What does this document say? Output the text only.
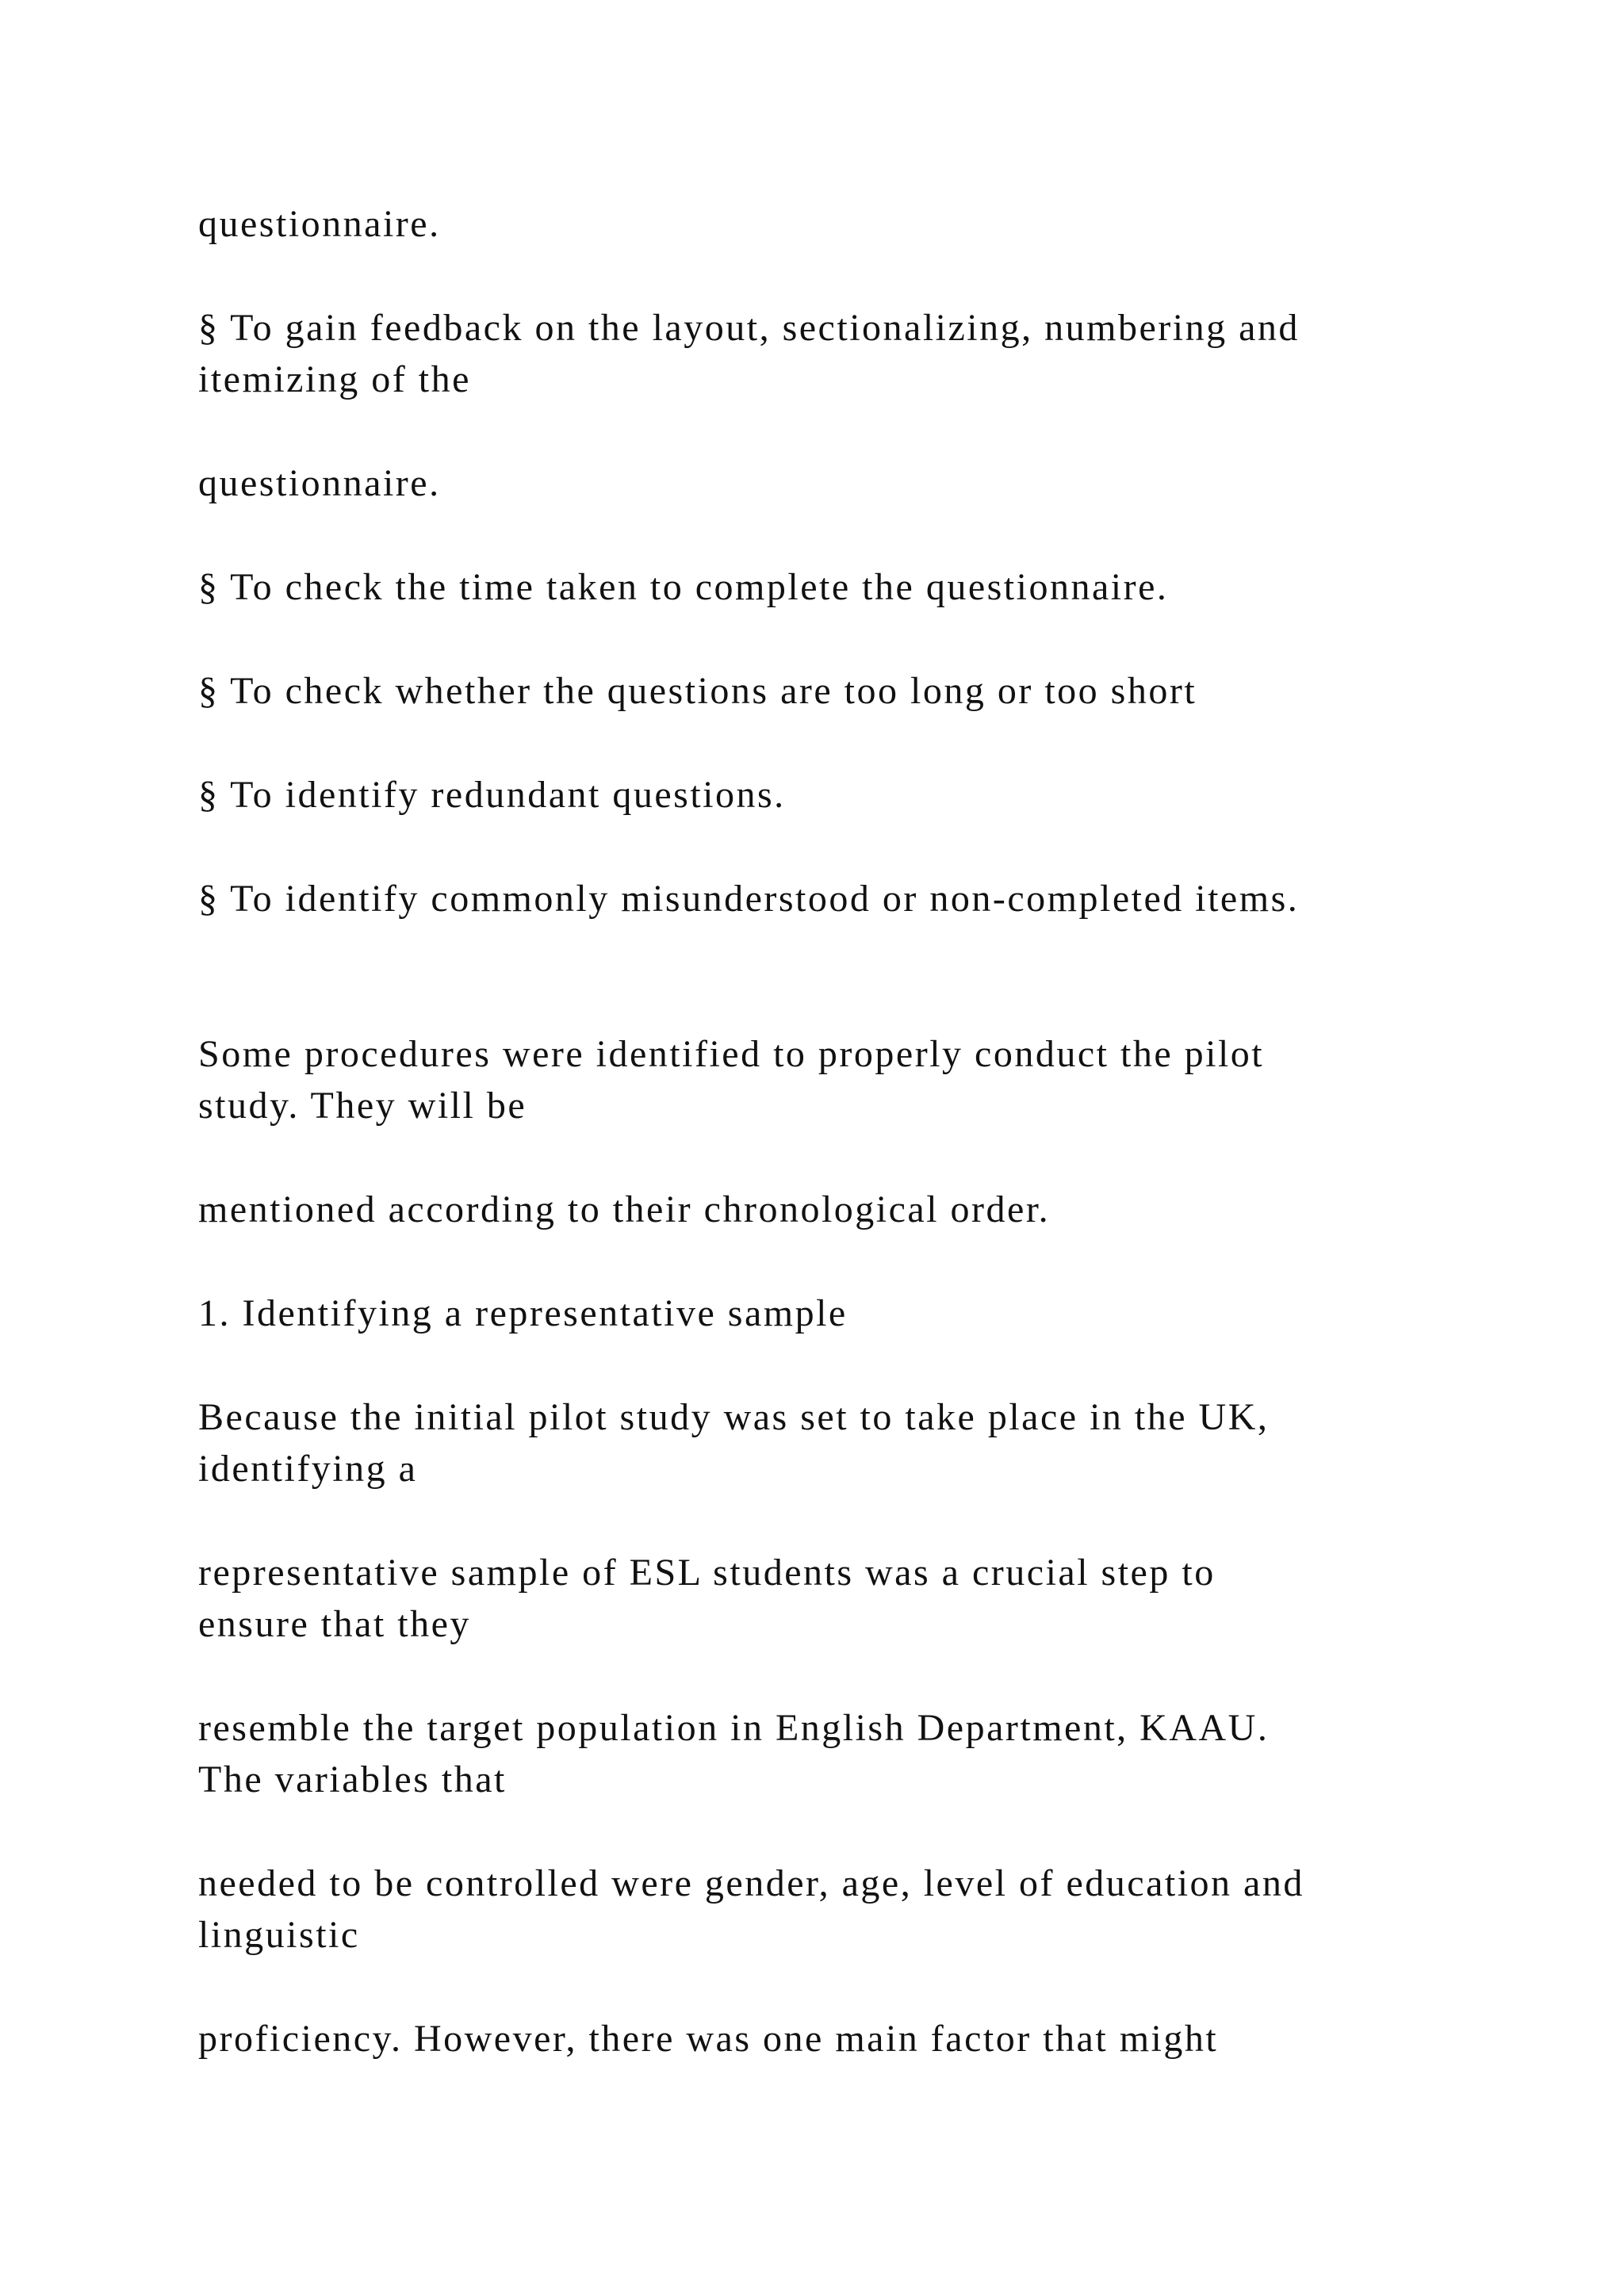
questionnaire.

§ To gain feedback on the layout, sectionalizing, numbering and

itemizing of the

questionnaire.

§ To check the time taken to complete the questionnaire.

§ To check whether the questions are too long or too short

§ To identify redundant questions.

§ To identify commonly misunderstood or non-completed items.

Some procedures were identified to properly conduct the pilot

study. They will be

mentioned according to their chronological order.

1. Identifying a representative sample

Because the initial pilot study was set to take place in the UK,

identifying a

representative sample of ESL students was a crucial step to

ensure that they

resemble the target population in English Department, KAAU.

The variables that

needed to be controlled were gender, age, level of education and

linguistic

proficiency. However, there was one main factor that might
